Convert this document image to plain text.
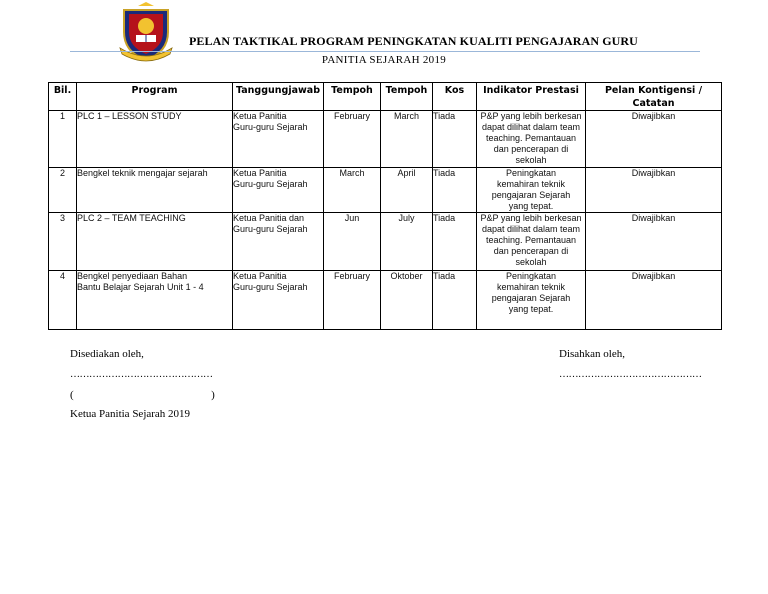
PELAN TAKTIKAL PROGRAM PENINGKATAN KUALITI PENGAJARAN GURU
PANITIA SEJARAH 2019
Bil.	Program	Tanggungjawab	Tempoh	Tempoh	Kos	Indikator Prestasi	Pelan Kontigensi / Catatan
1	PLC 1 – LESSON STUDY	Ketua Panitia
Guru-guru Sejarah	February	March	Tiada	P&P yang lebih berkesan
dapat dilihat dalam team
teaching. Pemantauan
dan pencerapan di
sekolah	Diwajibkan
2	Bengkel teknik mengajar sejarah	Ketua Panitia
Guru-guru Sejarah	March	April	Tiada	Peningkatan
kemahiran teknik
pengajaran Sejarah
yang tepat.	Diwajibkan
3	PLC 2 – TEAM TEACHING	Ketua Panitia dan
Guru-guru Sejarah	Jun	July	Tiada	P&P yang lebih berkesan
dapat dilihat dalam team
teaching. Pemantauan
dan pencerapan di
sekolah	Diwajibkan
4	Bengkel penyediaan Bahan
Bantu Belajar Sejarah Unit 1 - 4	Ketua Panitia
Guru-guru Sejarah	February	Oktober	Tiada	Peningkatan
kemahiran teknik
pengajaran Sejarah
yang tepat.	Diwajibkan
Disediakan oleh,
………………………………………
(                                                  )
Ketua Panitia Sejarah 2019
Disahkan oleh,
………………………………………
